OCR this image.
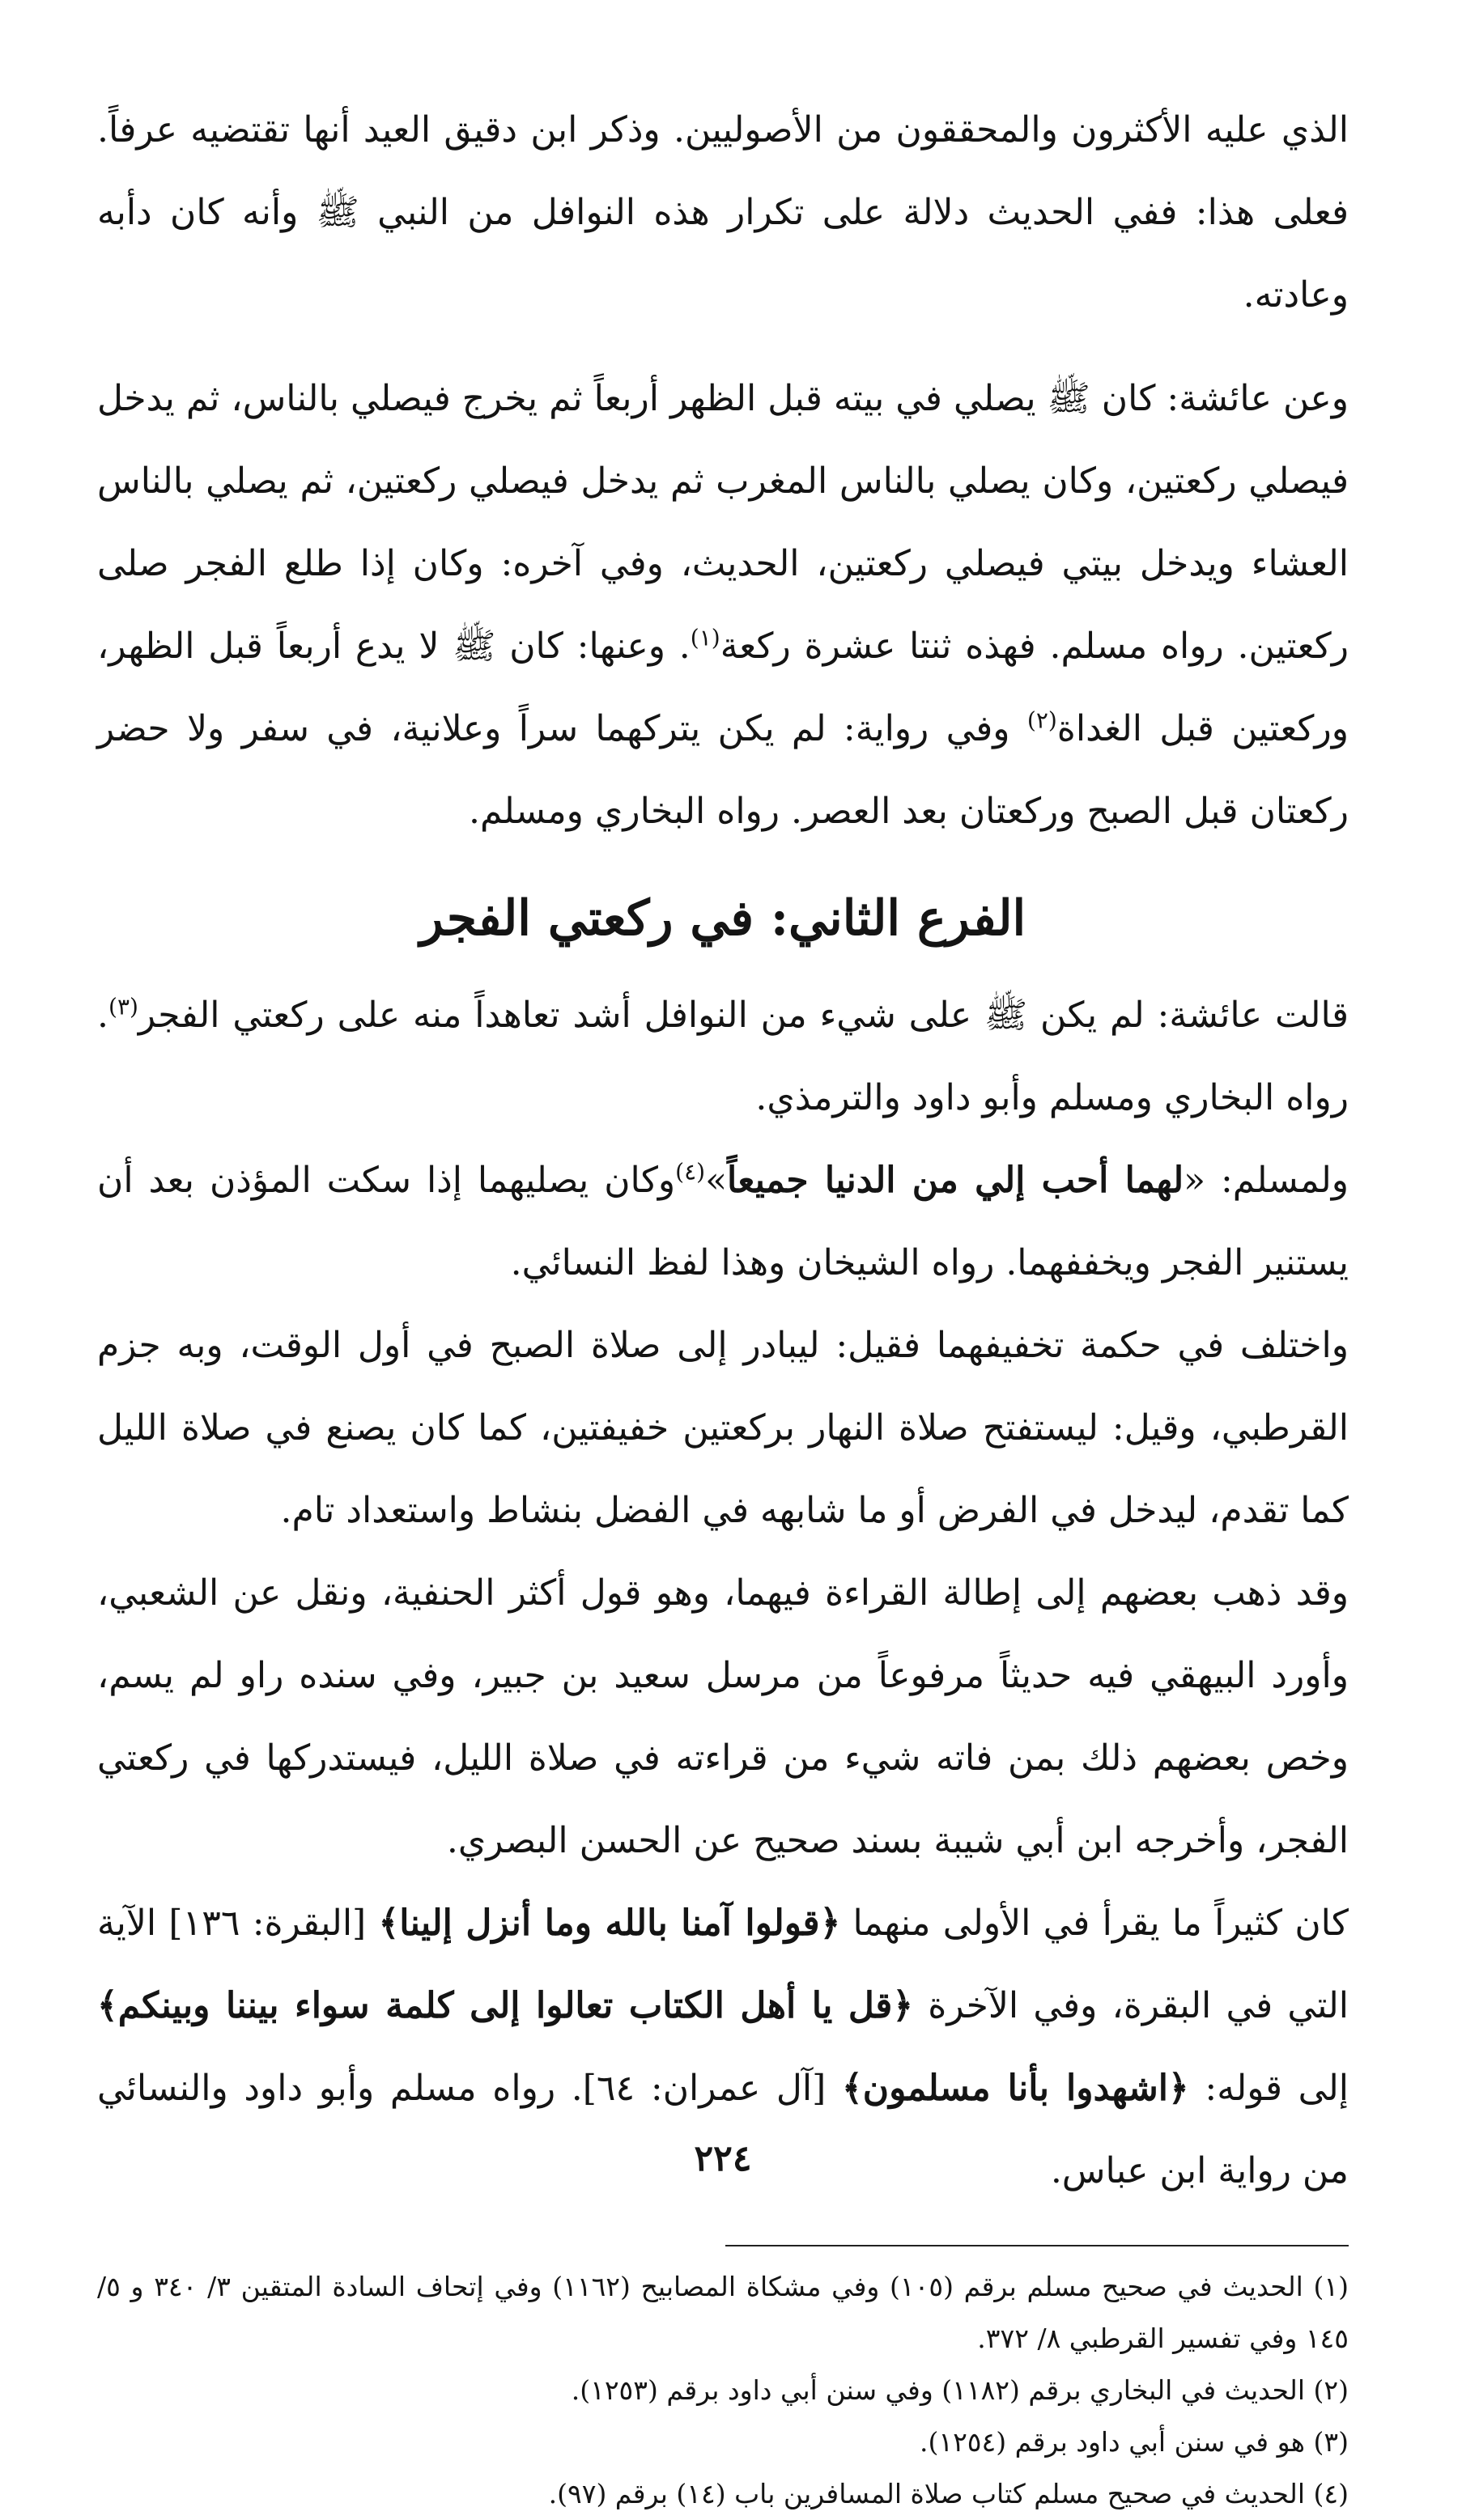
الذي عليه الأكثرون والمحققون من الأصوليين. وذكر ابن دقيق العيد أنها تقتضيه عرفاً. فعلى هذا: ففي الحديث دلالة على تكرار هذه النوافل من النبي ﷺ وأنه كان دأبه وعادته.

وعن عائشة: كان ﷺ يصلي في بيته قبل الظهر أربعاً ثم يخرج فيصلي بالناس، ثم يدخل فيصلي ركعتين، وكان يصلي بالناس المغرب ثم يدخل فيصلي ركعتين، ثم يصلي بالناس العشاء ويدخل بيتي فيصلي ركعتين، الحديث، وفي آخره: وكان إذا طلع الفجر صلى ركعتين. رواه مسلم. فهذه ثنتا عشرة ركعة$^{(١)}$. وعنها: كان ﷺ لا يدع أربعاً قبل الظهر، وركعتين قبل الغداة$^{(٢)}$ وفي رواية: لم يكن يتركهما سراً وعلانية، في سفر ولا حضر ركعتان قبل الصبح وركعتان بعد العصر. رواه البخاري ومسلم.

الفرع الثاني: في ركعتي الفجر

قالت عائشة: لم يكن ﷺ على شيء من النوافل أشد تعاهداً منه على ركعتي الفجر$^{(٣)}$. رواه البخاري ومسلم وأبو داود والترمذي.

ولمسلم: «لهما أحب إلي من الدنيا جميعاً»$^{(٤)}$وكان يصليهما إذا سكت المؤذن بعد أن يستنير الفجر ويخففهما. رواه الشيخان وهذا لفظ النسائي.

واختلف في حكمة تخفيفهما فقيل: ليبادر إلى صلاة الصبح في أول الوقت، وبه جزم القرطبي، وقيل: ليستفتح صلاة النهار بركعتين خفيفتين، كما كان يصنع في صلاة الليل كما تقدم، ليدخل في الفرض أو ما شابهه في الفضل بنشاط واستعداد تام.

وقد ذهب بعضهم إلى إطالة القراءة فيهما، وهو قول أكثر الحنفية، ونقل عن الشعبي، وأورد البيهقي فيه حديثاً مرفوعاً من مرسل سعيد بن جبير، وفي سنده راو لم يسم، وخص بعضهم ذلك بمن فاته شيء من قراءته في صلاة الليل، فيستدركها في ركعتي الفجر، وأخرجه ابن أبي شيبة بسند صحيح عن الحسن البصري.

كان كثيراً ما يقرأ في الأولى منهما ﴿قولوا آمنا بالله وما أنزل إلينا﴾ [البقرة: ١٣٦] الآية التي في البقرة، وفي الآخرة ﴿قل يا أهل الكتاب تعالوا إلى كلمة سواء بيننا وبينكم﴾ إلى قوله: ﴿اشهدوا بأنا مسلمون﴾ [آل عمران: ٦٤]. رواه مسلم وأبو داود والنسائي من رواية ابن عباس.

(١) الحديث في صحيح مسلم برقم (١٠٥) وفي مشكاة المصابيح (١١٦٢) وفي إتحاف السادة المتقين ٣/ ٣٤٠ و ٥/ ١٤٥ وفي تفسير القرطبي ٨/ ٣٧٢.

(٢) الحديث في البخاري برقم (١١٨٢) وفي سنن أبي داود برقم (١٢٥٣).

(٣) هو في سنن أبي داود برقم (١٢٥٤).

(٤) الحديث في صحيح مسلم كتاب صلاة المسافرين باب (١٤) برقم (٩٧).

٢٢٤
